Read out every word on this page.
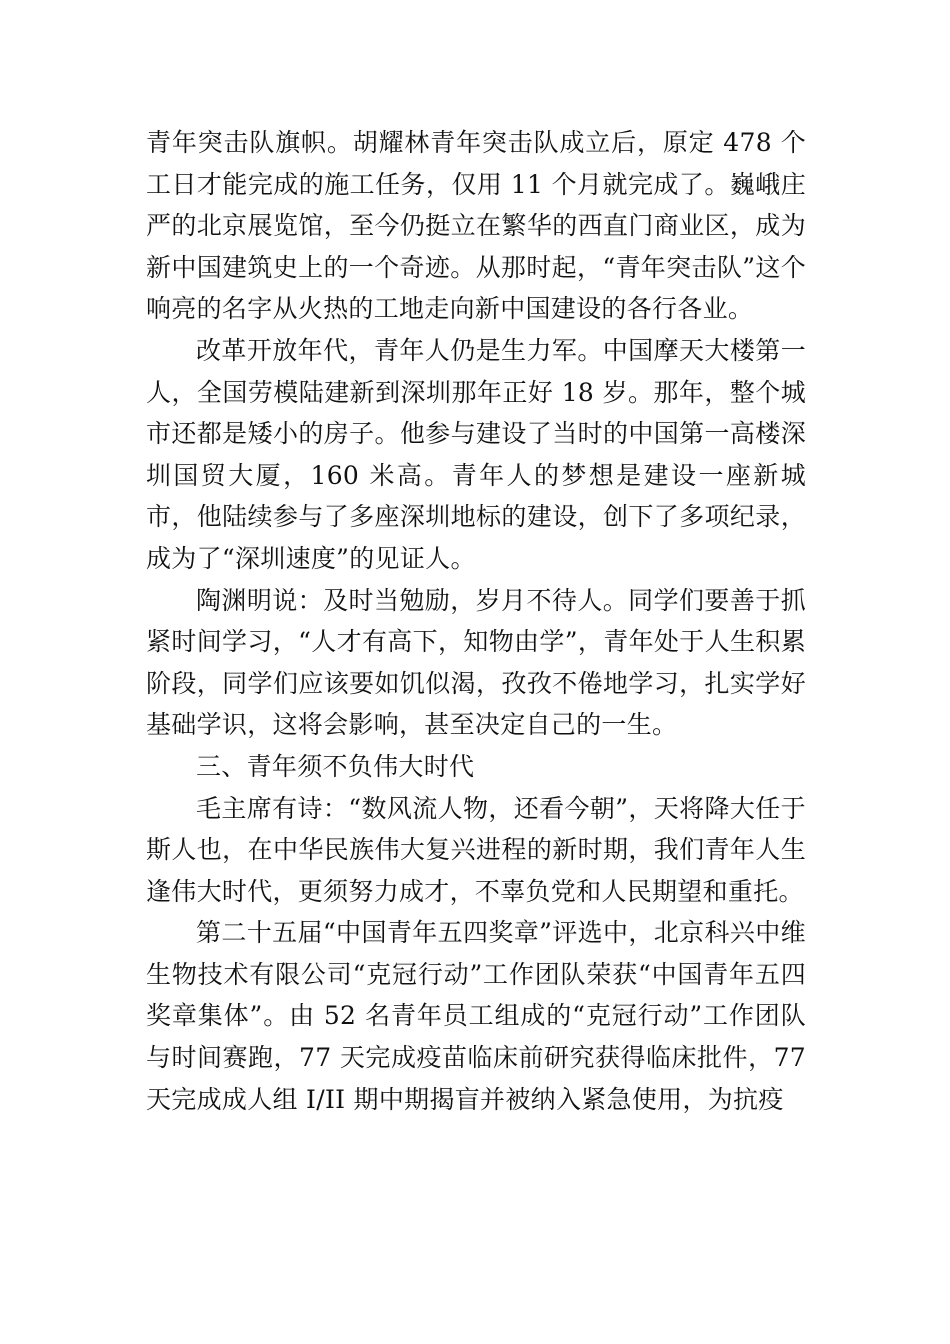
青年突击队旗帜。胡耀林青年突击队成立后，原定 478 个工日才能完成的施工任务，仅用 11 个月就完成了。巍峨庄严的北京展览馆，至今仍挺立在繁华的西直门商业区，成为新中国建筑史上的一个奇迹。从那时起，“青年突击队”这个响亮的名字从火热的工地走向新中国建设的各行各业。

改革开放年代，青年人仍是生力军。中国摩天大楼第一人，全国劳模陆建新到深圳那年正好 18 岁。那年，整个城市还都是矮小的房子。他参与建设了当时的中国第一高楼深圳国贸大厦，160 米高。青年人的梦想是建设一座新城市，他陆续参与了多座深圳地标的建设，创下了多项纪录，成为了“深圳速度”的见证人。

陶渊明说：及时当勉励，岁月不待人。同学们要善于抓紧时间学习，“人才有高下，知物由学”，青年处于人生积累阶段，同学们应该要如饥似渴，孜孜不倦地学习，扎实学好基础学识，这将会影响，甚至决定自己的一生。

三、青年须不负伟大时代

毛主席有诗：“数风流人物，还看今朝”，天将降大任于斯人也，在中华民族伟大复兴进程的新时期，我们青年人生逢伟大时代，更须努力成才，不辜负党和人民期望和重托。

第二十五届“中国青年五四奖章”评选中，北京科兴中维生物技术有限公司“克冠行动”工作团队荣获“中国青年五四奖章集体”。由 52 名青年员工组成的“克冠行动”工作团队与时间赛跑，77 天完成疫苗临床前研究获得临床批件，77 天完成成人组 I/II 期中期揭盲并被纳入紧急使用，为抗疫
